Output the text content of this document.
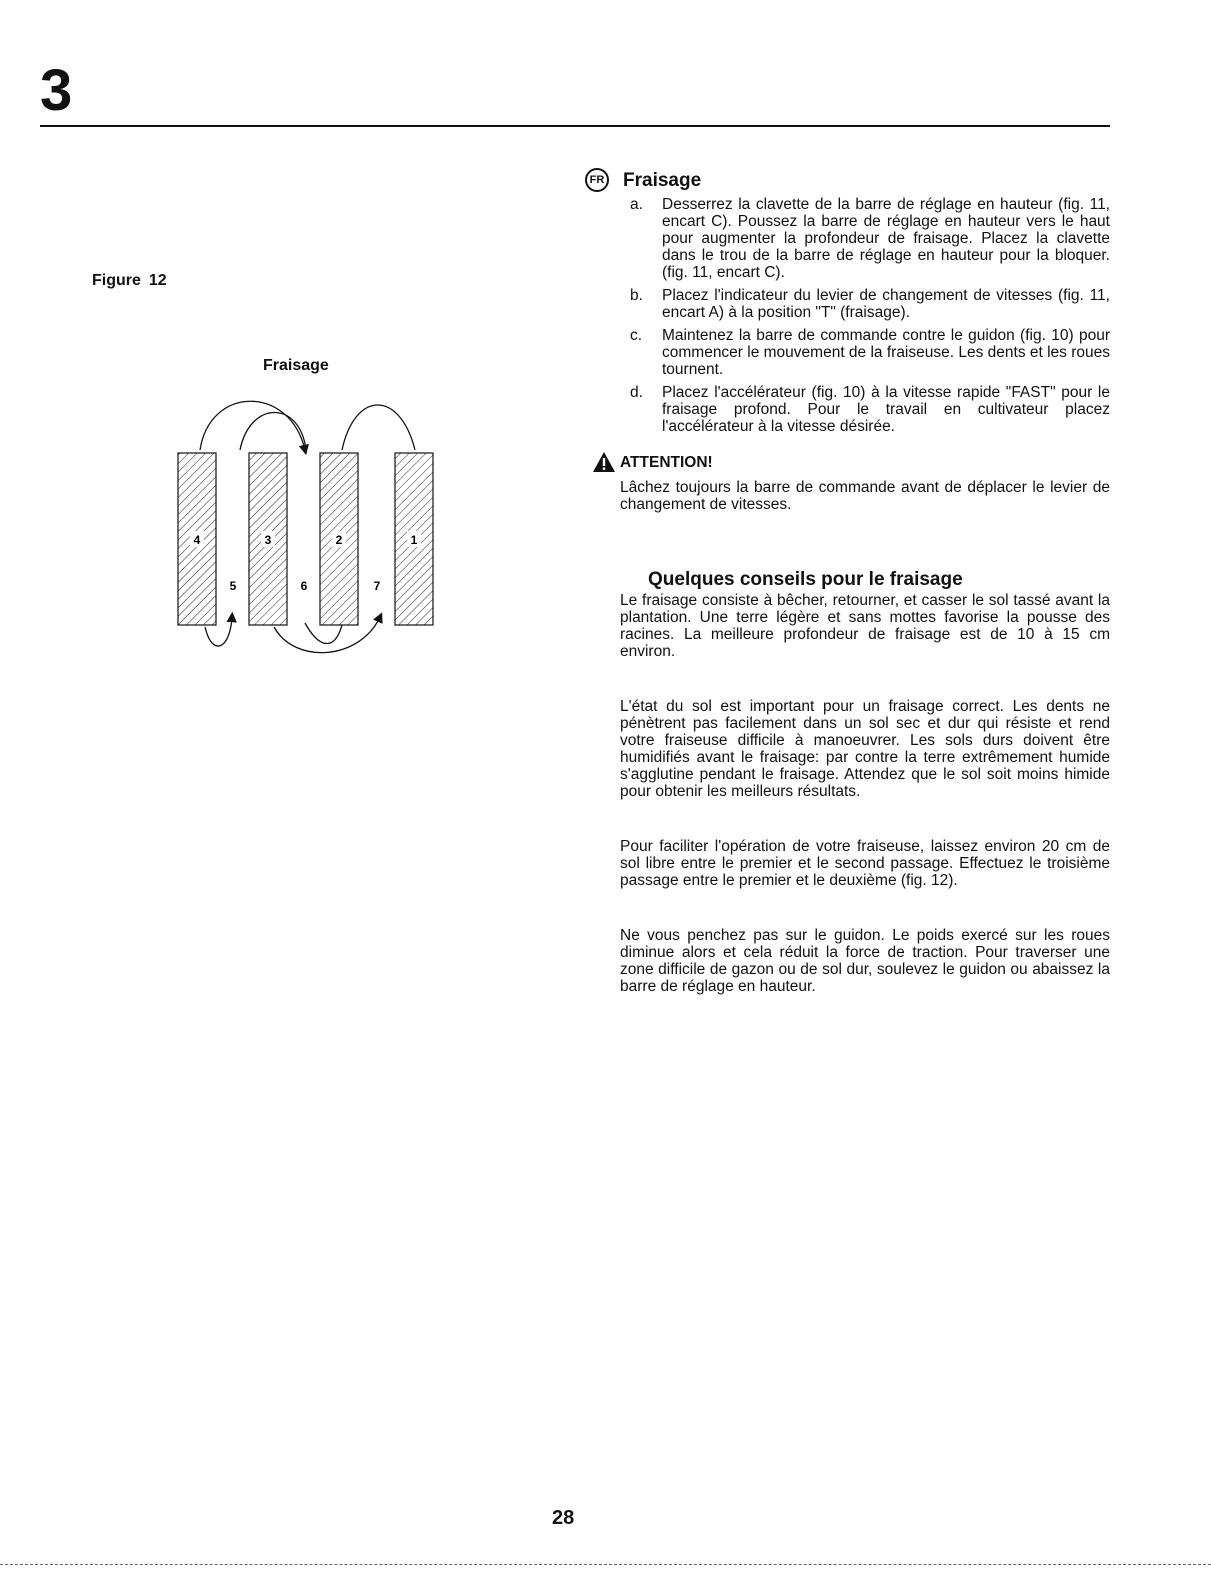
3
Figure 12
Fraisage
4	3	2	1
5	6	7
FR Fraisage
a. Desserrez la clavette de la barre de réglage en hauteur (fig. 11, encart C). Poussez la barre de réglage en hauteur vers le haut pour augmenter la profondeur de fraisage. Placez la clavette dans le trou de la barre de réglage en hauteur pour la bloquer. (fig. 11, encart C).
b. Placez l'indicateur du levier de changement de vitesses (fig. 11, encart A) à la position "T" (fraisage).
c. Maintenez la barre de commande contre le guidon (fig. 10) pour commencer le mouvement de la fraiseuse. Les dents et les roues tournent.
d. Placez l'accélérateur (fig. 10) à la vitesse rapide "FAST" pour le fraisage profond. Pour le travail en cultivateur placez l'accélérateur à la vitesse désirée.
ATTENTION!
Lâchez toujours la barre de commande avant de déplacer le levier de changement de vitesses.
Quelques conseils pour le fraisage

Le fraisage consiste à bêcher, retourner, et casser le sol tassé avant la plantation. Une terre légère et sans mottes favorise la pousse des racines. La meilleure profondeur de fraisage est de 10 à 15 cm environ.

L'état du sol est important pour un fraisage correct. Les dents ne pénètrent pas facilement dans un sol sec et dur qui résiste et rend votre fraiseuse difficile à manoeuvrer. Les sols durs doivent être humidifiés avant le fraisage: par contre la terre extrêmement humide s'agglutine pendant le fraisage. Attendez que le sol soit moins himide pour obtenir les meilleurs résultats.

Pour faciliter l'opération de votre fraiseuse, laissez environ 20 cm de sol libre entre le premier et le second passage. Effectuez le troisième passage entre le premier et le deuxième (fig. 12).

Ne vous penchez pas sur le guidon. Le poids exercé sur les roues diminue alors et cela réduit la force de traction. Pour traverser une zone difficile de gazon ou de sol dur, soulevez le guidon ou abaissez la barre de réglage en hauteur.

28
